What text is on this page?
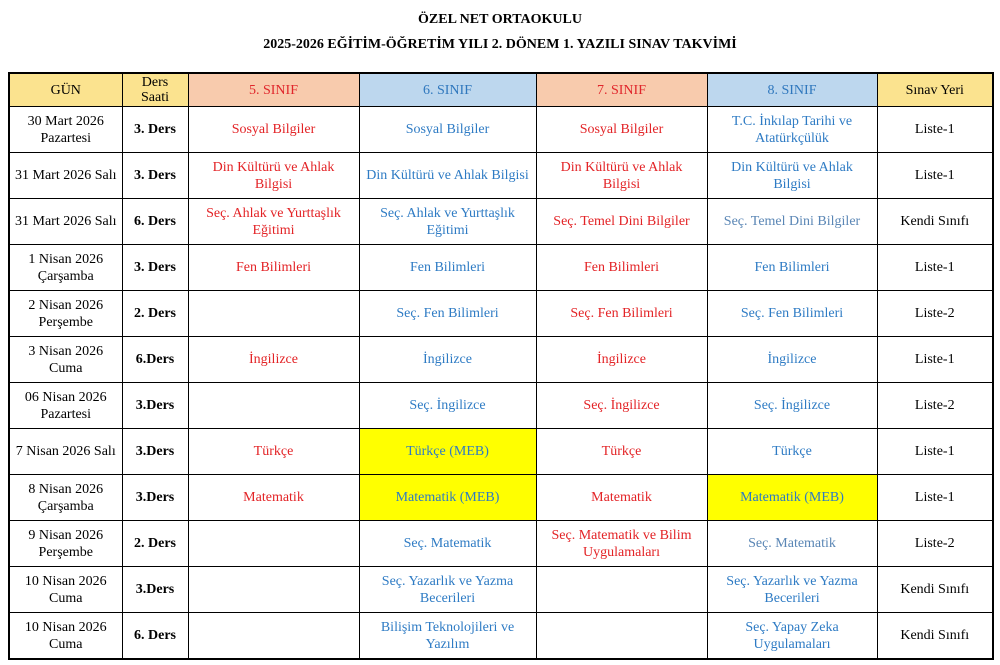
ÖZEL NET ORTAOKULU
2025-2026 EĞİTİM-ÖĞRETİM YILI 2. DÖNEM 1. YAZILI SINAV TAKVİMİ
GÜN	Ders Saati	5. SINIF	6. SINIF	7. SINIF	8. SINIF	Sınav Yeri
30 Mart 2026 Pazartesi	3. Ders	Sosyal Bilgiler	Sosyal Bilgiler	Sosyal Bilgiler	T.C. İnkılap Tarihi ve Atatürkçülük	Liste-1
31 Mart 2026 Salı	3. Ders	Din Kültürü ve Ahlak Bilgisi	Din Kültürü ve Ahlak Bilgisi	Din Kültürü ve Ahlak Bilgisi	Din Kültürü ve Ahlak Bilgisi	Liste-1
31 Mart 2026 Salı	6. Ders	Seç. Ahlak ve Yurttaşlık Eğitimi	Seç. Ahlak ve Yurttaşlık Eğitimi	Seç. Temel Dini Bilgiler	Seç. Temel Dini Bilgiler	Kendi Sınıfı
1 Nisan 2026 Çarşamba	3. Ders	Fen Bilimleri	Fen Bilimleri	Fen Bilimleri	Fen Bilimleri	Liste-1
2 Nisan 2026 Perşembe	2. Ders		Seç. Fen Bilimleri	Seç. Fen Bilimleri	Seç. Fen Bilimleri	Liste-2
3 Nisan 2026 Cuma	6.Ders	İngilizce	İngilizce	İngilizce	İngilizce	Liste-1
06 Nisan 2026 Pazartesi	3.Ders		Seç. İngilizce	Seç. İngilizce	Seç. İngilizce	Liste-2
7 Nisan 2026 Salı	3.Ders	Türkçe	Türkçe (MEB)	Türkçe	Türkçe	Liste-1
8 Nisan 2026 Çarşamba	3.Ders	Matematik	Matematik (MEB)	Matematik	Matematik (MEB)	Liste-1
9 Nisan 2026 Perşembe	2. Ders		Seç. Matematik	Seç. Matematik ve Bilim Uygulamaları	Seç. Matematik	Liste-2
10 Nisan 2026 Cuma	3.Ders		Seç. Yazarlık ve Yazma Becerileri		Seç. Yazarlık ve Yazma Becerileri	Kendi Sınıfı
10 Nisan 2026 Cuma	6. Ders		Bilişim Teknolojileri ve Yazılım		Seç. Yapay Zeka Uygulamaları	Kendi Sınıfı
